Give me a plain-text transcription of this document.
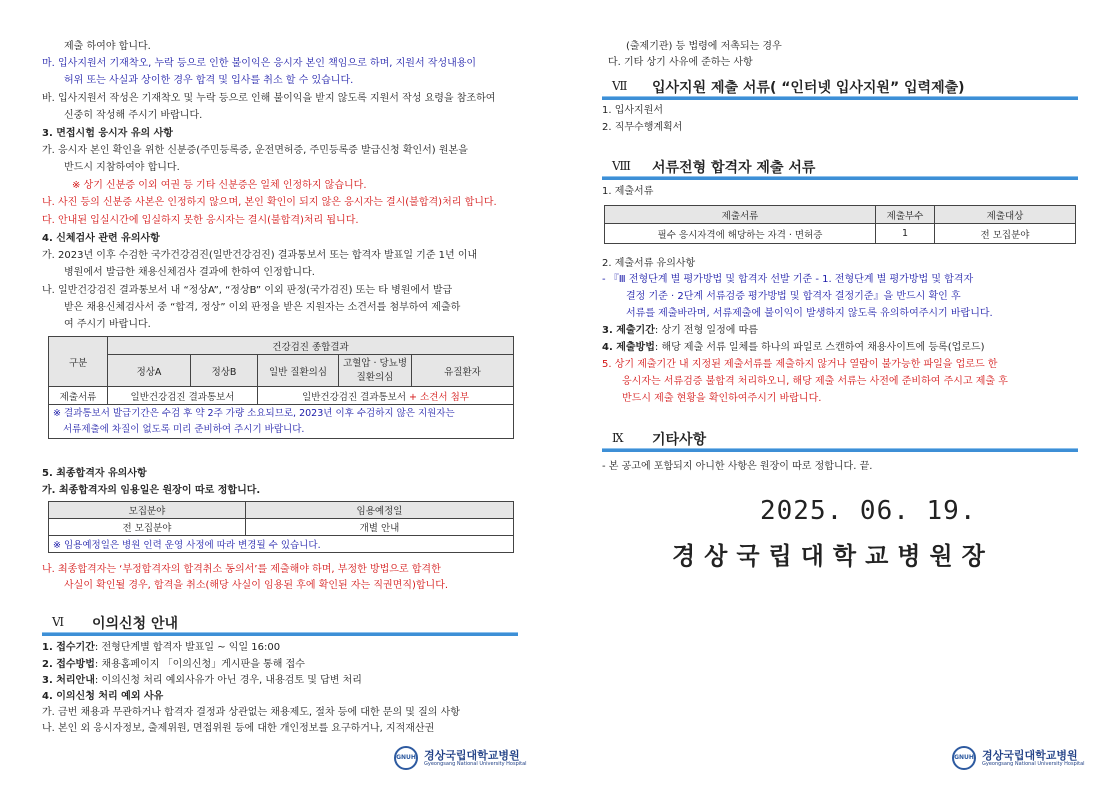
제출 하여야 합니다.
마. 입사지원서 기재착오, 누락 등으로 인한 불이익은 응시자 본인 책임으로 하며, 지원서 작성내용이
허위 또는 사실과 상이한 경우 합격 및 입사를 취소 할 수 있습니다.
바. 입사지원서 작성은 기재착오 및 누락 등으로 인해 불이익을 받지 않도록 지원서 작성 요령을 참조하여
신중히 작성해 주시기 바랍니다.
3. 면접시험 응시자 유의 사항
가. 응시자 본인 확인을 위한 신분증(주민등록증, 운전면허증, 주민등록증 발급신청 확인서) 원본을
반드시 지참하여야 합니다.
※ 상기 신분증 이외 여권 등 기타 신분증은 일체 인정하지 않습니다.
나. 사진 등의 신분증 사본은 인정하지 않으며, 본인 확인이 되지 않은 응시자는 결시(불합격)처리 합니다.
다. 안내된 입실시간에 입실하지 못한 응시자는 결시(불합격)처리 됩니다.
4. 신체검사 관련 유의사항
가. 2023년 이후 수검한 국가건강검진(일반건강검진) 결과통보서 또는 합격자 발표일 기준 1년 이내
병원에서 발급한 채용신체검사 결과에 한하여 인정합니다.
나. 일반건강검진 결과통보서 내 “정상A”, “정상B” 이외 판정(국가검진) 또는 타 병원에서 발급
받은 채용신체검사서 중 “합격, 정상” 이외 판정을 받은 지원자는 소견서를 첨부하여 제출하
여 주시기 바랍니다.
구분	건강검진 종합결과				
	정상A	정상B	일반 질환의심	고혈압 · 당뇨병 질환의심	유질환자
제출서류	일반건강검진 결과통보서		일반건강검진 결과통보서 + 소견서 첨부		

※ 결과통보서 발급기간은 수검 후 약 2주 가량 소요되므로, 2023년 이후 수검하지 않은 지원자는
서류제출에 차질이 없도록 미리 준비하여 주시기 바랍니다.					
5. 최종합격자 유의사항
가. 최종합격자의 임용일은 원장이 따로 정합니다.
모집분야	임용예정일
전 모집분야	개별 안내
※ 임용예정일은 병원 인력 운영 사정에 따라 변경될 수 있습니다.	
나. 최종합격자는 ‘부정합격자의 합격취소 동의서’를 제출해야 하며, 부정한 방법으로 합격한
사실이 확인될 경우, 합격을 취소(해당 사실이 임용된 후에 확인된 자는 직권면직)합니다.
Ⅵ 이의신청 안내
1. 접수기간: 전형단계별 합격자 발표일 ~ 익일 16:00
2. 접수방법: 채용홈페이지 「이의신청」게시판을 통해 접수
3. 처리안내: 이의신청 처리 예외사유가 아닌 경우, 내용검토 및 답변 처리
4. 이의신청 처리 예외 사유
가. 금번 채용과 무관하거나 합격자 결정과 상관없는 채용제도, 절차 등에 대한 문의 및 질의 사항
나. 본인 외 응시자정보, 출제위원, 면접위원 등에 대한 개인정보를 요구하거나, 지적재산권
(출제기관) 등 법령에 저촉되는 경우
다. 기타 상기 사유에 준하는 사항
Ⅶ 입사지원 제출 서류( “인터넷 입사지원” 입력제출)
1. 입사지원서
2. 직무수행계획서
Ⅷ 서류전형 합격자 제출 서류
1. 제출서류
제출서류	제출부수	제출대상
필수 응시자격에 해당하는 자격 · 면허증	1	전 모집분야
2. 제출서류 유의사항
- 『Ⅲ 전형단계 별 평가방법 및 합격자 선발 기준 - 1. 전형단계 별 평가방법 및 합격자
결정 기준 · 2단계 서류검증 평가방법 및 합격자 결정기준』을 반드시 확인 후
서류를 제출바라며, 서류제출에 불이익이 발생하지 않도록 유의하여주시기 바랍니다.
3. 제출기간: 상기 전형 일정에 따름
4. 제출방법: 해당 제출 서류 일체를 하나의 파일로 스캔하여 채용사이트에 등록(업로드)
5. 상기 제출기간 내 지정된 제출서류를 제출하지 않거나 열람이 불가능한 파일을 업로드 한
응시자는 서류검증 불합격 처리하오니, 해당 제출 서류는 사전에 준비하여 주시고 제출 후
반드시 제출 현황을 확인하여주시기 바랍니다.
Ⅸ 기타사항
- 본 공고에 포함되지 아니한 사항은 원장이 따로 정합니다. 끝.
2025. 06. 19.
경상국립대학교병원장
GNUH 경상국립대학교병원
Gyeongsang National University Hospital
GNUH 경상국립대학교병원
Gyeongsang National University Hospital
